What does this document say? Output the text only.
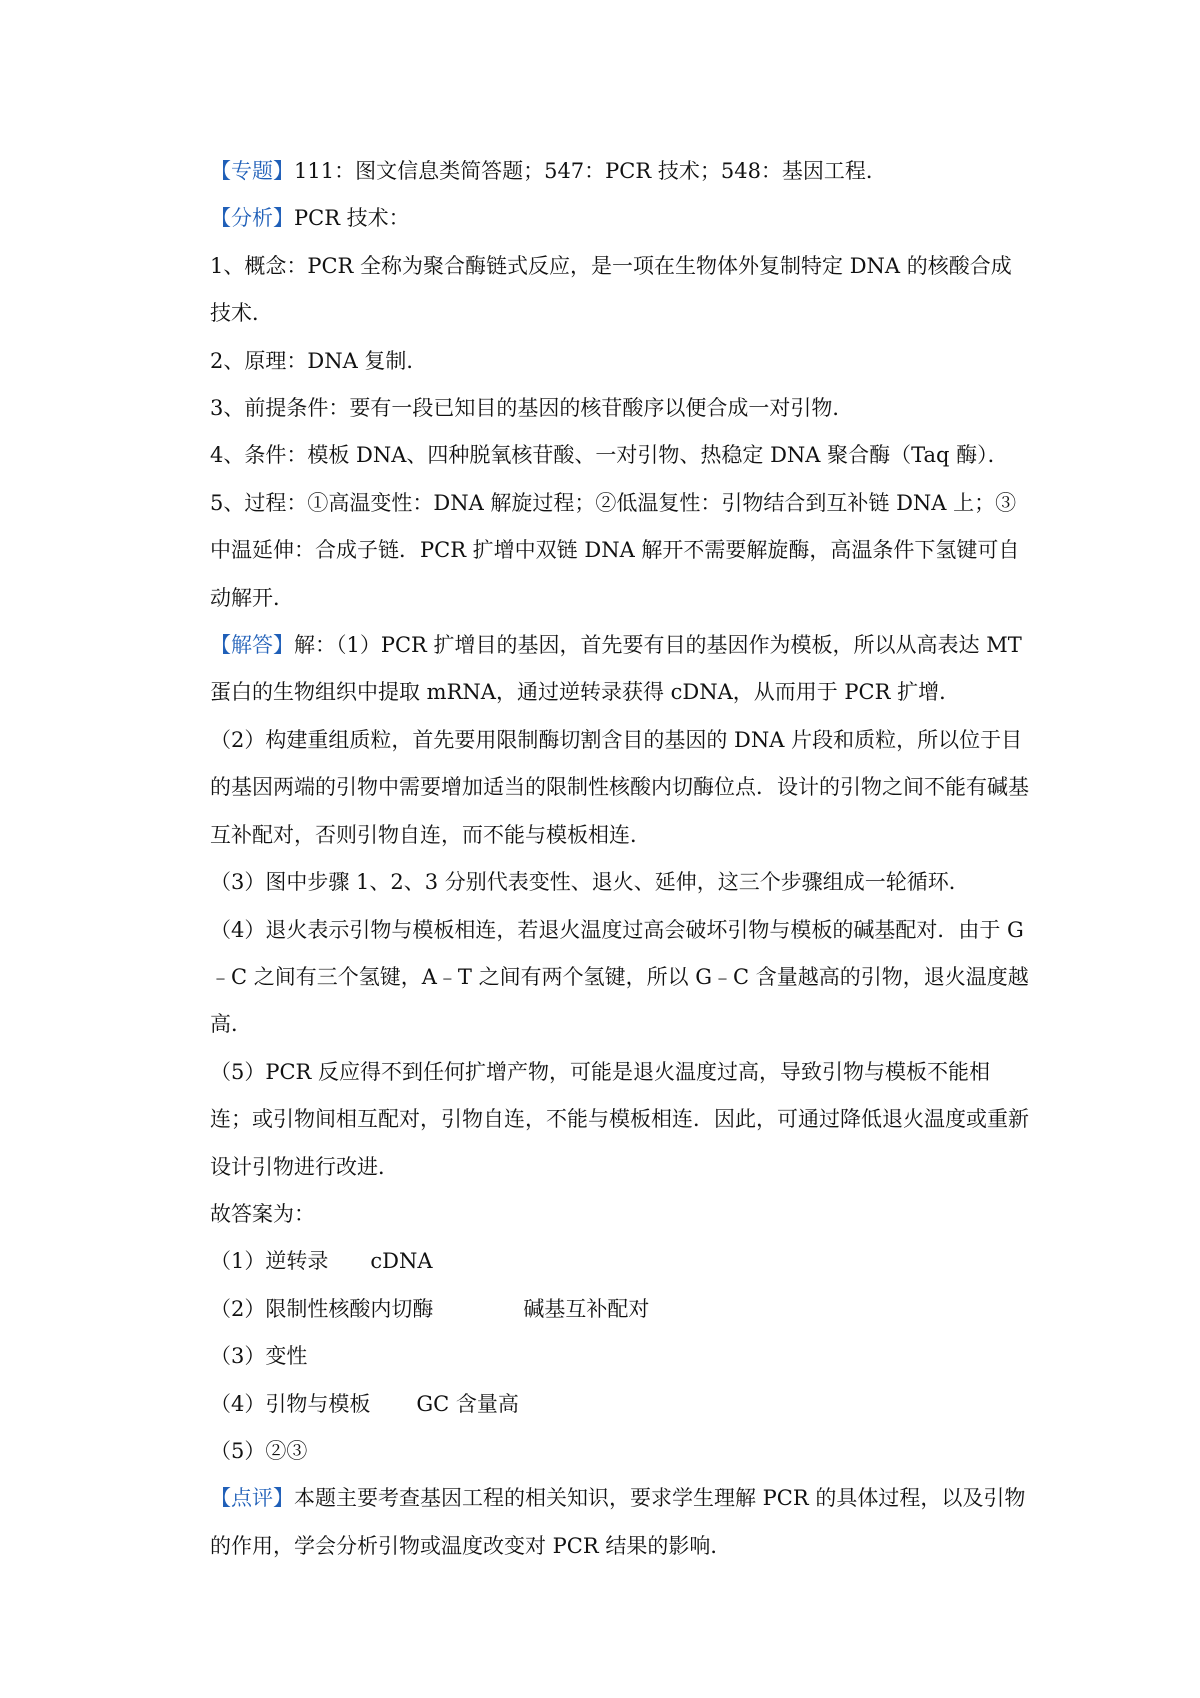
【专题】111：图文信息类简答题；547：PCR 技术；548：基因工程．

【分析】PCR 技术：

1、概念：PCR 全称为聚合酶链式反应，是一项在生物体外复制特定 DNA 的核酸合成技术．

2、原理：DNA 复制．

3、前提条件：要有一段已知目的基因的核苷酸序以便合成一对引物．

4、条件：模板 DNA、四种脱氧核苷酸、一对引物、热稳定 DNA 聚合酶（Taq 酶）．

5、过程：①高温变性：DNA 解旋过程；②低温复性：引物结合到互补链 DNA 上；③中温延伸：合成子链．PCR 扩增中双链 DNA 解开不需要解旋酶，高温条件下氢键可自动解开．

【解答】解：（1）PCR 扩增目的基因，首先要有目的基因作为模板，所以从高表达 MT 蛋白的生物组织中提取 mRNA，通过逆转录获得 cDNA，从而用于 PCR 扩增．

（2）构建重组质粒，首先要用限制酶切割含目的基因的 DNA 片段和质粒，所以位于目的基因两端的引物中需要增加适当的限制性核酸内切酶位点．设计的引物之间不能有碱基互补配对，否则引物自连，而不能与模板相连．

（3）图中步骤 1、2、3 分别代表变性、退火、延伸，这三个步骤组成一轮循环．

（4）退火表示引物与模板相连，若退火温度过高会破坏引物与模板的碱基配对．由于 G﹣C 之间有三个氢键，A﹣T 之间有两个氢键，所以 G﹣C 含量越高的引物，退火温度越高．

（5）PCR 反应得不到任何扩增产物，可能是退火温度过高，导致引物与模板不能相连；或引物间相互配对，引物自连，不能与模板相连．因此，可通过降低退火温度或重新设计引物进行改进．

故答案为：

（1）逆转录 cDNA

（2）限制性核酸内切酶	碱基互补配对

（3）变性

（4）引物与模板 GC 含量高

（5）②③

【点评】本题主要考查基因工程的相关知识，要求学生理解 PCR 的具体过程，以及引物的作用，学会分析引物或温度改变对 PCR 结果的影响．
